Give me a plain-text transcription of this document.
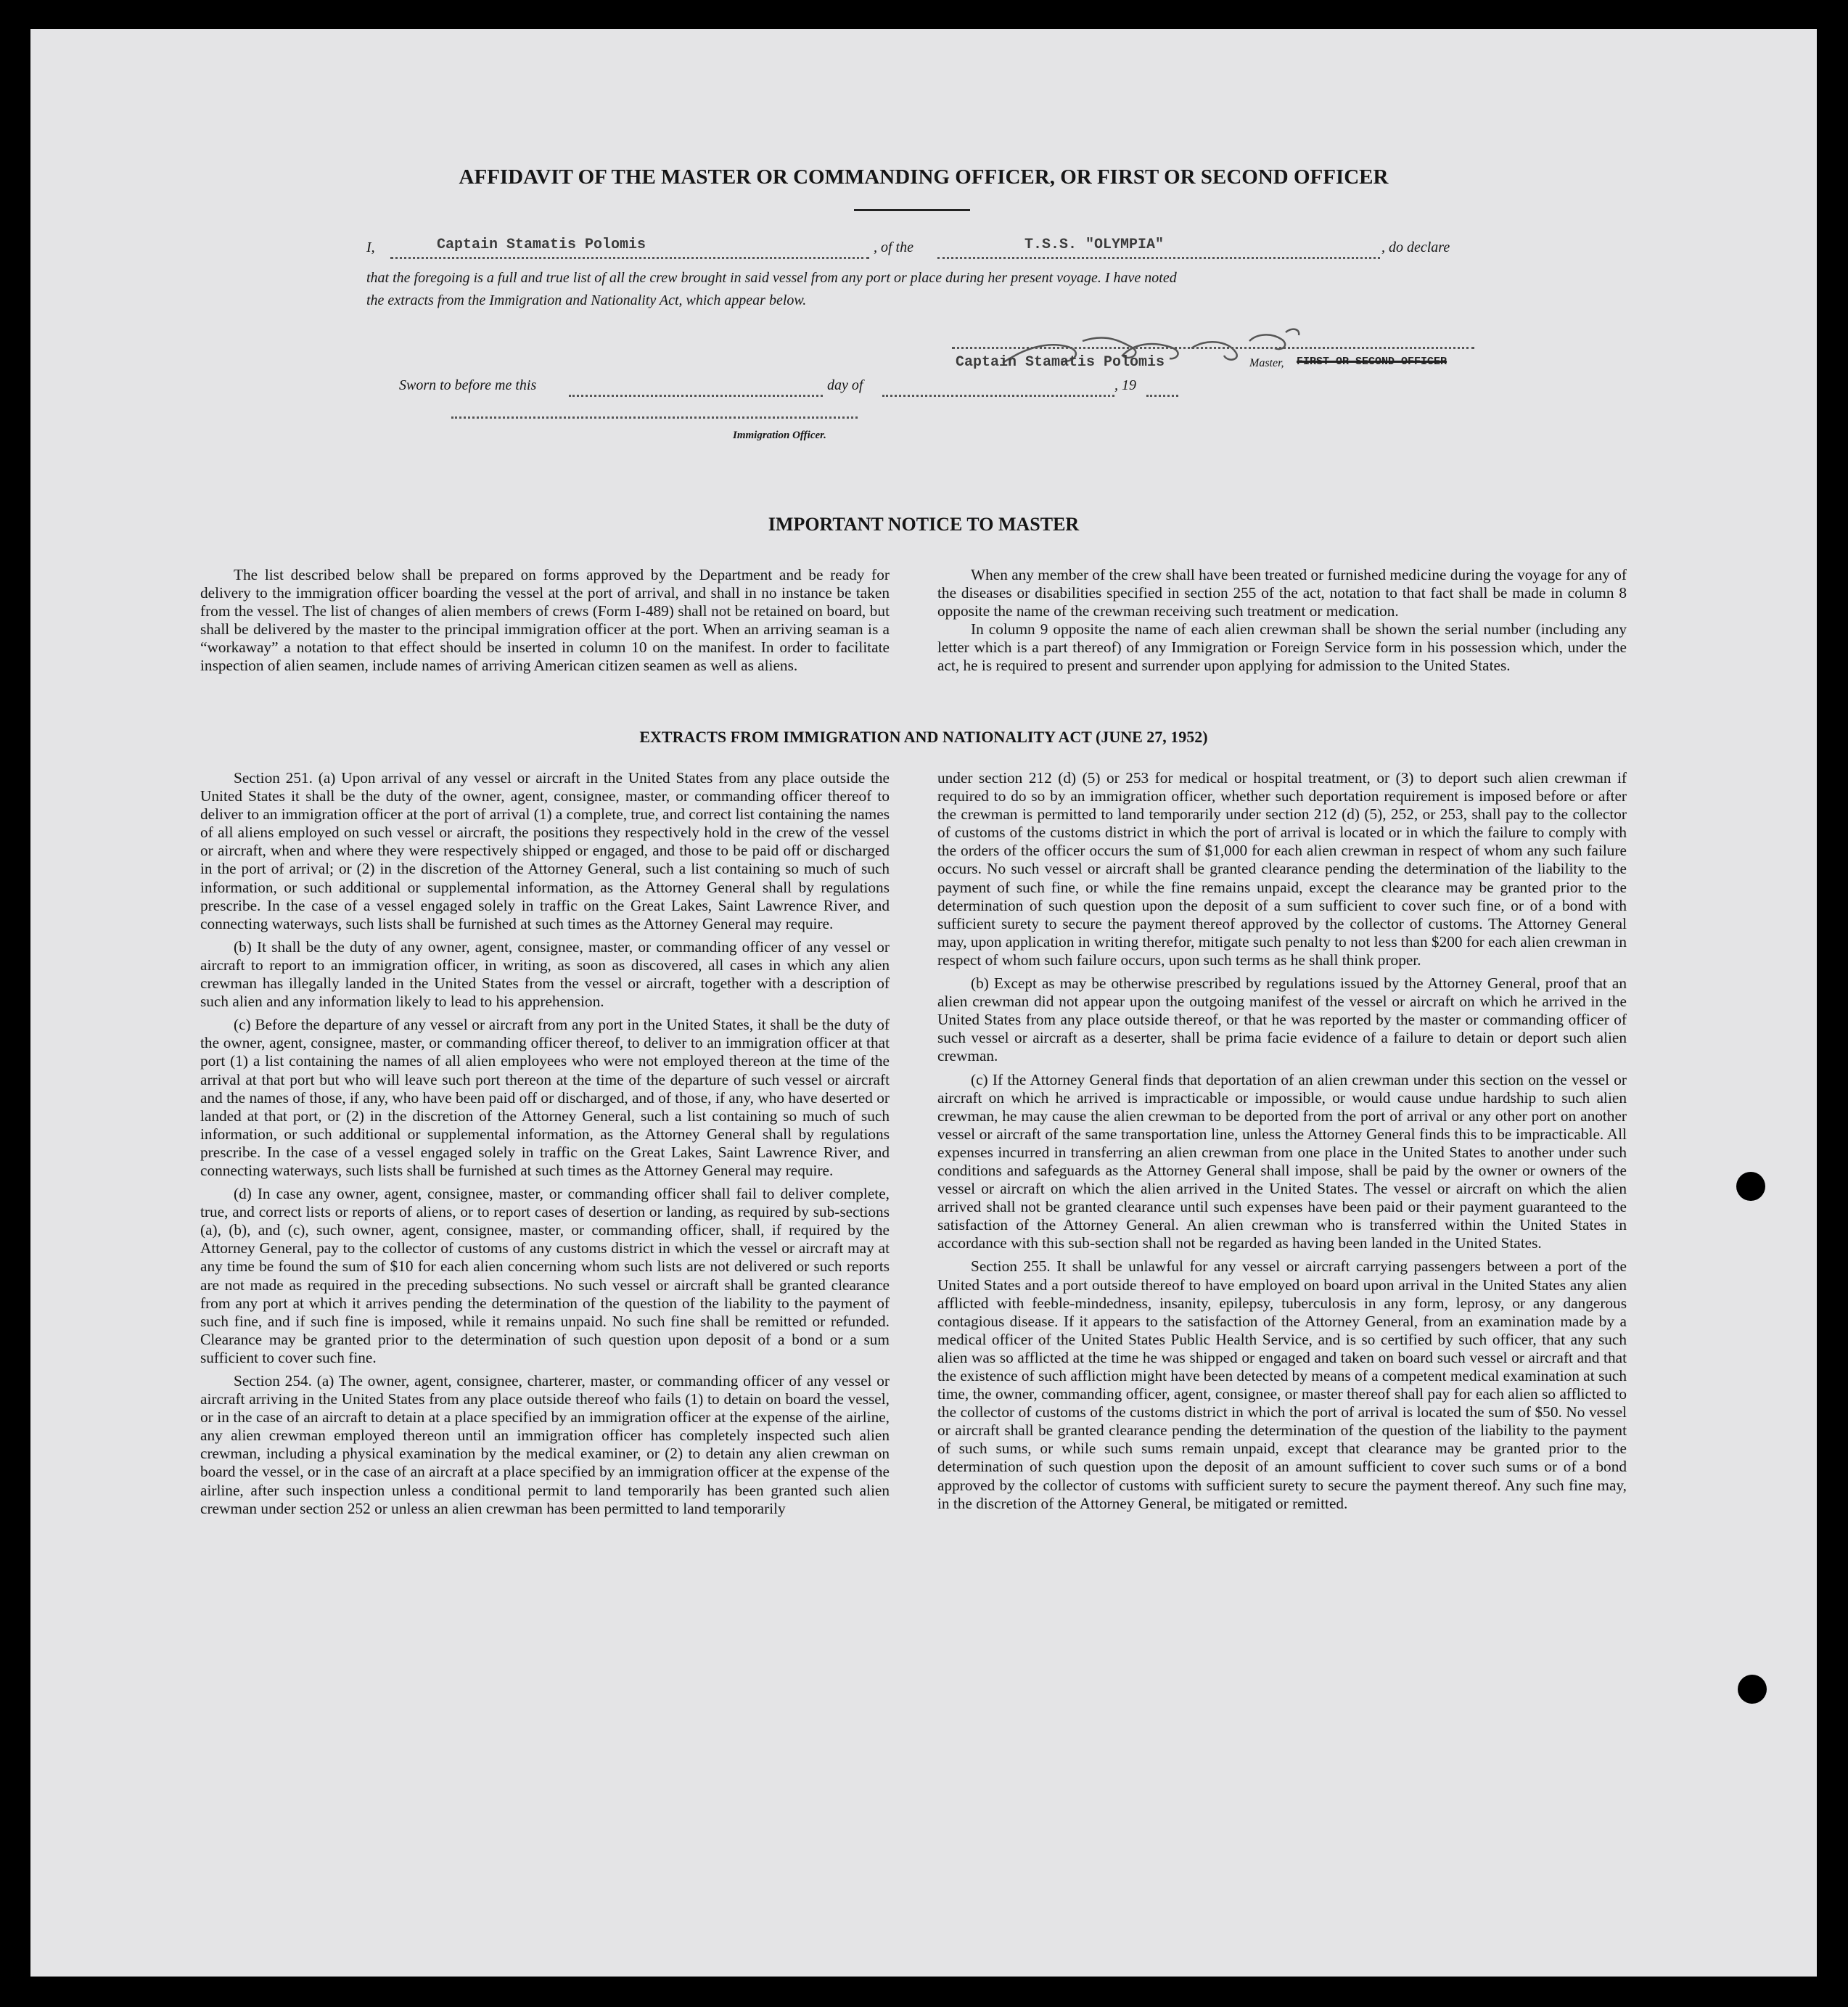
AFFIDAVIT OF THE MASTER OR COMMANDING OFFICER, OR FIRST OR SECOND OFFICER
I,	Captain Stamatis Polomis	, of the	T.S.S. "OLYMPIA"	, do declare
that the foregoing is a full and true list of all the crew brought in said vessel from any port or place during her present voyage. I have noted
the extracts from the Immigration and Nationality Act, which appear below.
Captain Stamatis Polomis	Master, FIRST OR SECOND OFFICER
Sworn to before me this	day of	, 19
Immigration Officer.
IMPORTANT NOTICE TO MASTER

The list described below shall be prepared on forms approved by the Department and be ready for delivery to the immigration officer boarding the vessel at the port of arrival, and shall in no instance be taken from the vessel. The list of changes of alien members of crews (Form I-489) shall not be retained on board, but shall be delivered by the master to the principal immigration officer at the port. When an arriving seaman is a “workaway” a notation to that effect should be inserted in column 10 on the manifest. In order to facilitate inspection of alien seamen, include names of arriving American citizen seamen as well as aliens.

When any member of the crew shall have been treated or furnished medicine during the voyage for any of the diseases or disabilities specified in section 255 of the act, notation to that fact shall be made in column 8 opposite the name of the crewman receiving such treatment or medication.

In column 9 opposite the name of each alien crewman shall be shown the serial number (including any letter which is a part thereof) of any Immigration or Foreign Service form in his possession which, under the act, he is required to present and surrender upon applying for admission to the United States.

EXTRACTS FROM IMMIGRATION AND NATIONALITY ACT (JUNE 27, 1952)

Section 251. (a) Upon arrival of any vessel or aircraft in the United States from any place outside the United States it shall be the duty of the owner, agent, consignee, master, or commanding officer thereof to deliver to an immigration officer at the port of arrival (1) a complete, true, and correct list containing the names of all aliens employed on such vessel or aircraft, the positions they respectively hold in the crew of the vessel or aircraft, when and where they were respectively shipped or engaged, and those to be paid off or discharged in the port of arrival; or (2) in the discretion of the Attorney General, such a list containing so much of such information, or such additional or supplemental information, as the Attorney General shall by regulations prescribe. In the case of a vessel engaged solely in traffic on the Great Lakes, Saint Lawrence River, and connecting waterways, such lists shall be furnished at such times as the Attorney General may require.

(b) It shall be the duty of any owner, agent, consignee, master, or commanding officer of any vessel or aircraft to report to an immigration officer, in writing, as soon as discovered, all cases in which any alien crewman has illegally landed in the United States from the vessel or aircraft, together with a description of such alien and any information likely to lead to his apprehension.

(c) Before the departure of any vessel or aircraft from any port in the United States, it shall be the duty of the owner, agent, consignee, master, or commanding officer thereof, to deliver to an immigration officer at that port (1) a list containing the names of all alien employees who were not employed thereon at the time of the arrival at that port but who will leave such port thereon at the time of the departure of such vessel or aircraft and the names of those, if any, who have been paid off or discharged, and of those, if any, who have deserted or landed at that port, or (2) in the discretion of the Attorney General, such a list containing so much of such information, or such additional or supplemental information, as the Attorney General shall by regulations prescribe. In the case of a vessel engaged solely in traffic on the Great Lakes, Saint Lawrence River, and connecting waterways, such lists shall be furnished at such times as the Attorney General may require.

(d) In case any owner, agent, consignee, master, or commanding officer shall fail to deliver complete, true, and correct lists or reports of aliens, or to report cases of desertion or landing, as required by sub-sections (a), (b), and (c), such owner, agent, consignee, master, or commanding officer, shall, if required by the Attorney General, pay to the collector of customs of any customs district in which the vessel or aircraft may at any time be found the sum of $10 for each alien concerning whom such lists are not delivered or such reports are not made as required in the preceding subsections. No such vessel or aircraft shall be granted clearance from any port at which it arrives pending the determination of the question of the liability to the payment of such fine, and if such fine is imposed, while it remains unpaid. No such fine shall be remitted or refunded. Clearance may be granted prior to the determination of such question upon deposit of a bond or a sum sufficient to cover such fine.

Section 254. (a) The owner, agent, consignee, charterer, master, or commanding officer of any vessel or aircraft arriving in the United States from any place outside thereof who fails (1) to detain on board the vessel, or in the case of an aircraft to detain at a place specified by an immigration officer at the expense of the airline, any alien crewman employed thereon until an immigration officer has completely inspected such alien crewman, including a physical examination by the medical examiner, or (2) to detain any alien crewman on board the vessel, or in the case of an aircraft at a place specified by an immigration officer at the expense of the airline, after such inspection unless a conditional permit to land temporarily has been granted such alien crewman under section 252 or unless an alien crewman has been permitted to land temporarily

under section 212 (d) (5) or 253 for medical or hospital treatment, or (3) to deport such alien crewman if required to do so by an immigration officer, whether such deportation requirement is imposed before or after the crewman is permitted to land temporarily under section 212 (d) (5), 252, or 253, shall pay to the collector of customs of the customs district in which the port of arrival is located or in which the failure to comply with the orders of the officer occurs the sum of $1,000 for each alien crewman in respect of whom any such failure occurs. No such vessel or aircraft shall be granted clearance pending the determination of the liability to the payment of such fine, or while the fine remains unpaid, except the clearance may be granted prior to the determination of such question upon the deposit of a sum sufficient to cover such fine, or of a bond with sufficient surety to secure the payment thereof approved by the collector of customs. The Attorney General may, upon application in writing therefor, mitigate such penalty to not less than $200 for each alien crewman in respect of whom such failure occurs, upon such terms as he shall think proper.

(b) Except as may be otherwise prescribed by regulations issued by the Attorney General, proof that an alien crewman did not appear upon the outgoing manifest of the vessel or aircraft on which he arrived in the United States from any place outside thereof, or that he was reported by the master or commanding officer of such vessel or aircraft as a deserter, shall be prima facie evidence of a failure to detain or deport such alien crewman.

(c) If the Attorney General finds that deportation of an alien crewman under this section on the vessel or aircraft on which he arrived is impracticable or impossible, or would cause undue hardship to such alien crewman, he may cause the alien crewman to be deported from the port of arrival or any other port on another vessel or aircraft of the same transportation line, unless the Attorney General finds this to be impracticable. All expenses incurred in transferring an alien crewman from one place in the United States to another under such conditions and safeguards as the Attorney General shall impose, shall be paid by the owner or owners of the vessel or aircraft on which the alien arrived in the United States. The vessel or aircraft on which the alien arrived shall not be granted clearance until such expenses have been paid or their payment guaranteed to the satisfaction of the Attorney General. An alien crewman who is transferred within the United States in accordance with this sub-section shall not be regarded as having been landed in the United States.

Section 255. It shall be unlawful for any vessel or aircraft carrying passengers between a port of the United States and a port outside thereof to have employed on board upon arrival in the United States any alien afflicted with feeble-mindedness, insanity, epilepsy, tuberculosis in any form, leprosy, or any dangerous contagious disease. If it appears to the satisfaction of the Attorney General, from an examination made by a medical officer of the United States Public Health Service, and is so certified by such officer, that any such alien was so afflicted at the time he was shipped or engaged and taken on board such vessel or aircraft and that the existence of such affliction might have been detected by means of a competent medical examination at such time, the owner, commanding officer, agent, consignee, or master thereof shall pay for each alien so afflicted to the collector of customs of the customs district in which the port of arrival is located the sum of $50. No vessel or aircraft shall be granted clearance pending the determination of the question of the liability to the payment of such sums, or while such sums remain unpaid, except that clearance may be granted prior to the determination of such question upon the deposit of an amount sufficient to cover such sums or of a bond approved by the collector of customs with sufficient surety to secure the payment thereof. Any such fine may, in the discretion of the Attorney General, be mitigated or remitted.
